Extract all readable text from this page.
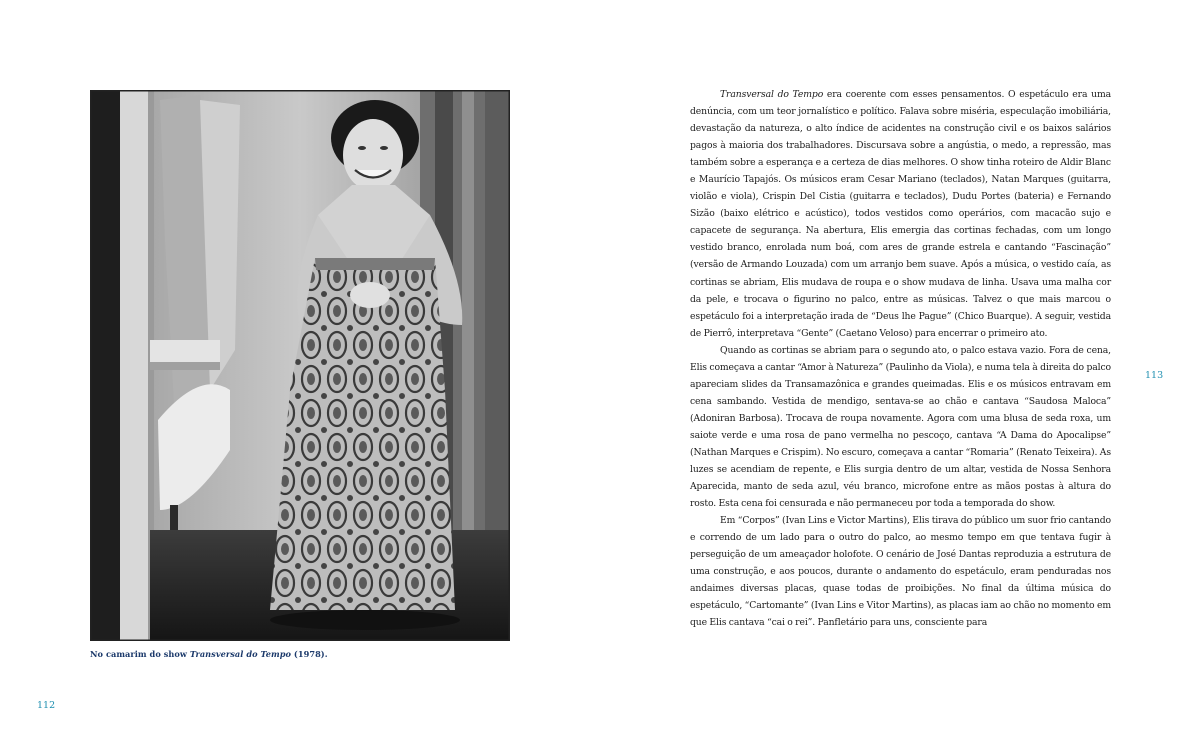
No camarim do show Transversal do Tempo (1978).
112

Transversal do Tempo era coerente com esses pensamentos. O espetáculo era uma denúncia, com um teor jornalístico e político. Falava sobre miséria, especulação imobiliária, devastação da natureza, o alto índice de acidentes na construção civil e os baixos salários pagos à maioria dos trabalhadores. Discursava sobre a angústia, o medo, a repressão, mas também sobre a esperança e a certeza de dias melhores. O show tinha roteiro de Aldir Blanc e Maurício Tapajós. Os músicos eram Cesar Mariano (teclados), Natan Marques (guitarra, violão e viola), Crispin Del Cistia (guitarra e teclados), Dudu Portes (bateria) e Fernando Sizão (baixo elétrico e acústico), todos vestidos como operários, com macacão sujo e capacete de segurança. Na abertura, Elis emergia das cortinas fechadas, com um longo vestido branco, enrolada num boá, com ares de grande estrela e cantando “Fascinação” (versão de Armando Louzada) com um arranjo bem suave. Após a música, o vestido caía, as cortinas se abriam, Elis mudava de roupa e o show mudava de linha. Usava uma malha cor da pele, e trocava o figurino no palco, entre as músicas. Talvez o que mais marcou o espetáculo foi a interpretação irada de “Deus lhe Pague” (Chico Buarque). A seguir, vestida de Pierrô, interpretava “Gente” (Caetano Veloso) para encerrar o primeiro ato.

Quando as cortinas se abriam para o segundo ato, o palco estava vazio. Fora de cena, Elis começava a cantar “Amor à Natureza” (Paulinho da Viola), e numa tela à direita do palco apareciam slides da Transamazônica e grandes queimadas. Elis e os músicos entravam em cena sambando. Vestida de mendigo, sentava-se ao chão e cantava “Saudosa Maloca” (Adoniran Barbosa). Trocava de roupa novamente. Agora com uma blusa de seda roxa, um saiote verde e uma rosa de pano vermelha no pescoço, cantava “A Dama do Apocalipse” (Nathan Marques e Crispim). No escuro, começava a cantar “Romaria” (Renato Teixeira). As luzes se acendiam de repente, e Elis surgia dentro de um altar, vestida de Nossa Senhora Aparecida, manto de seda azul, véu branco, microfone entre as mãos postas à altura do rosto. Esta cena foi censurada e não permaneceu por toda a temporada do show.

Em “Corpos” (Ivan Lins e Victor Martins), Elis tirava do público um suor frio cantando e correndo de um lado para o outro do palco, ao mesmo tempo em que tentava fugir à perseguição de um ameaçador holofote. O cenário de José Dantas reproduzia a estrutura de uma construção, e aos poucos, durante o andamento do espetáculo, eram penduradas nos andaimes diversas placas, quase todas de proibições. No final da última música do espetáculo, “Cartomante” (Ivan Lins e Vitor Martins), as placas iam ao chão no momento em que Elis cantava “cai o rei”. Panfletário para uns, consciente para

113
